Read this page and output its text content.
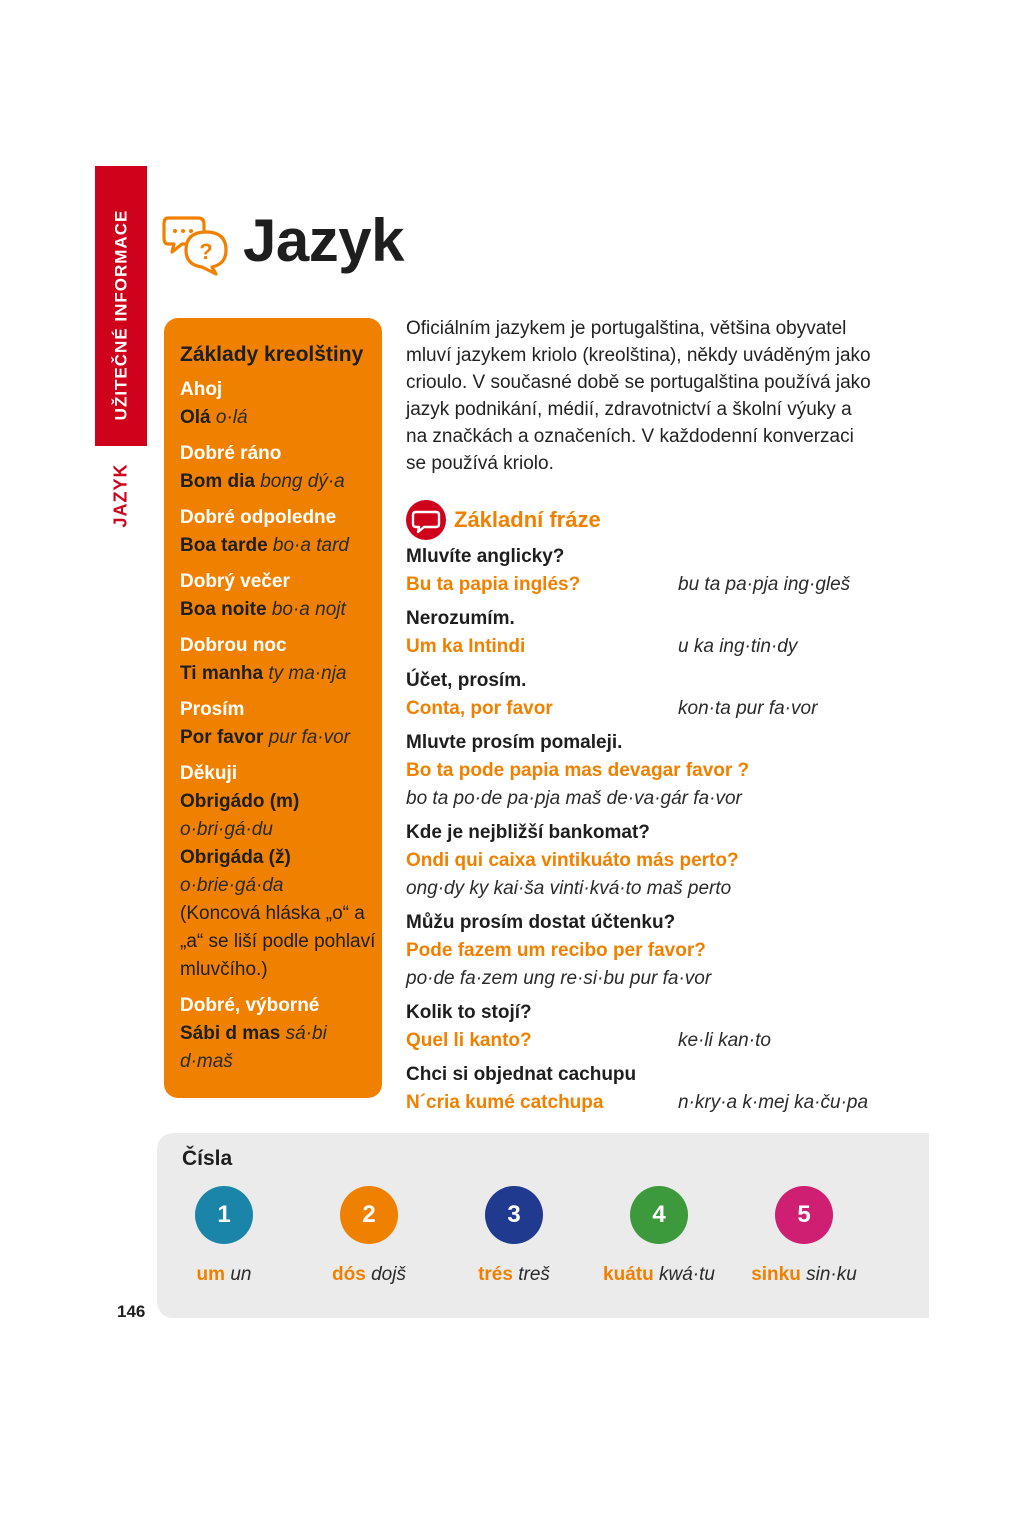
UŽITEČNÉ INFORMACE
JAZYK
? Jazyk
Základy kreolštiny
Ahoj
Olá o·lá
Dobré ráno
Bom dia bong dý·a
Dobré odpoledne
Boa tarde bo·a tard
Dobrý večer
Boa noite bo·a nojt
Dobrou noc
Ti manha ty ma·nja
Prosím
Por favor pur fa·vor
Děkuji
Obrigádo (m)
o·bri·gá·du
Obrigáda (ž)
o·brie·gá·da
(Koncová hláska „o“ a „a“ se liší podle pohlaví mluvčího.)
Dobré, výborné
Sábi d mas sá·bi d·maš

Oficiálním jazykem je portugalština, většina obyvatel mluví jazykem kriolo (kreolština), někdy uváděným jako crioulo. V současné době se portugalština používá jako jazyk podnikání, médií, zdravotnictví a školní výuky a na značkách a označeních. V každodenní konverzaci se používá kriolo.

Základní fráze
Mluvíte anglicky?
Bu ta papia inglés?	bu ta pa·pja ing·gleš
Nerozumím.
Um ka Intindi	u ka ing·tin·dy
Účet, prosím.
Conta, por favor	kon·ta pur fa·vor
Mluvte prosím pomaleji.
Bo ta pode papia mas devagar favor ?
bo ta po·de pa·pja maš de·va·gár fa·vor
Kde je nejbližší bankomat?
Ondi qui caixa vintikuáto más perto?
ong·dy ky kai·ša vinti·kvá·to maš perto
Můžu prosím dostat účtenku?
Pode fazem um recibo per favor?
po·de fa·zem ung re·si·bu pur fa·vor
Kolik to stojí?
Quel li kanto?	ke·li kan·to
Chci si objednat cachupu
N´cria kumé catchupa	n·kry·a k·mej ka·ču·pa
Čísla
1
um un
2
dós dojš
3
trés treš
4
kuátu kwá·tu
5
sinku sin·ku
146
